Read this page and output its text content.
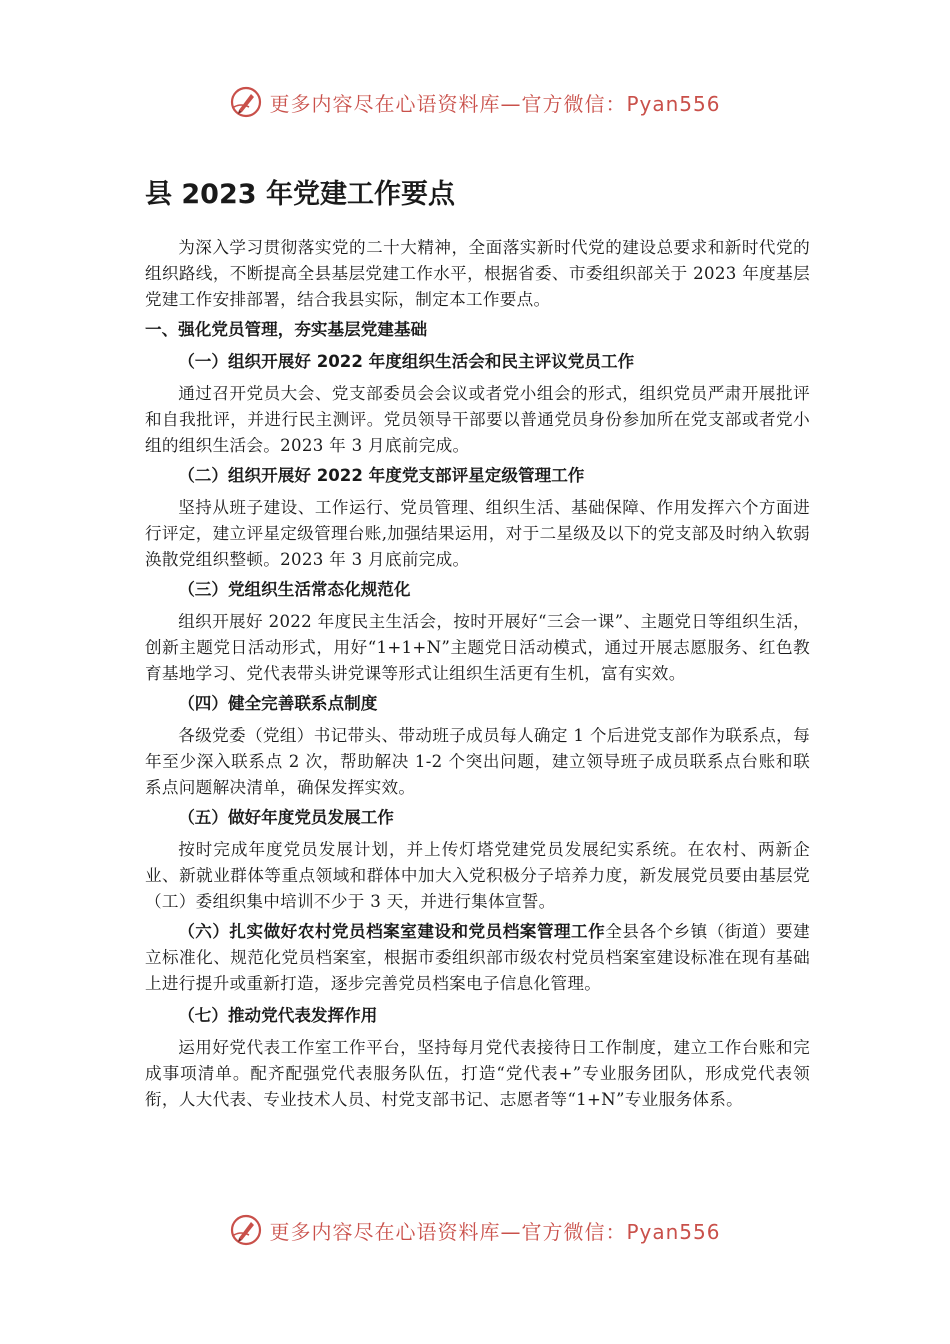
更多内容尽在心语资料库—官方微信：Pyan556
县 2023 年党建工作要点

为深入学习贯彻落实党的二十大精神，全面落实新时代党的建设总要求和新时代党的组织路线，不断提高全县基层党建工作水平，根据省委、市委组织部关于 2023 年度基层党建工作安排部署，结合我县实际，制定本工作要点。

一、强化党员管理，夯实基层党建基础
（一）组织开展好 2022 年度组织生活会和民主评议党员工作

通过召开党员大会、党支部委员会会议或者党小组会的形式，组织党员严肃开展批评和自我批评，并进行民主测评。党员领导干部要以普通党员身份参加所在党支部或者党小组的组织生活会。2023 年 3 月底前完成。

（二）组织开展好 2022 年度党支部评星定级管理工作

坚持从班子建设、工作运行、党员管理、组织生活、基础保障、作用发挥六个方面进行评定，建立评星定级管理台账,加强结果运用，对于二星级及以下的党支部及时纳入软弱涣散党组织整顿。2023 年 3 月底前完成。

（三）党组织生活常态化规范化

组织开展好 2022 年度民主生活会，按时开展好“三会一课”、主题党日等组织生活，创新主题党日活动形式，用好“1+1+N”主题党日活动模式，通过开展志愿服务、红色教育基地学习、党代表带头讲党课等形式让组织生活更有生机，富有实效。

（四）健全完善联系点制度

各级党委（党组）书记带头、带动班子成员每人确定 1 个后进党支部作为联系点，每年至少深入联系点 2 次，帮助解决 1-2 个突出问题，建立领导班子成员联系点台账和联系点问题解决清单，确保发挥实效。

（五）做好年度党员发展工作

按时完成年度党员发展计划，并上传灯塔党建党员发展纪实系统。在农村、两新企业、新就业群体等重点领域和群体中加大入党积极分子培养力度，新发展党员要由基层党（工）委组织集中培训不少于 3 天，并进行集体宣誓。

（六）扎实做好农村党员档案室建设和党员档案管理工作全县各个乡镇（街道）要建立标准化、规范化党员档案室，根据市委组织部市级农村党员档案室建设标准在现有基础上进行提升或重新打造，逐步完善党员档案电子信息化管理。

（七）推动党代表发挥作用

运用好党代表工作室工作平台，坚持每月党代表接待日工作制度，建立工作台账和完成事项清单。配齐配强党代表服务队伍，打造“党代表+”专业服务团队，形成党代表领衔，人大代表、专业技术人员、村党支部书记、志愿者等“1+N”专业服务体系。

更多内容尽在心语资料库—官方微信：Pyan556
